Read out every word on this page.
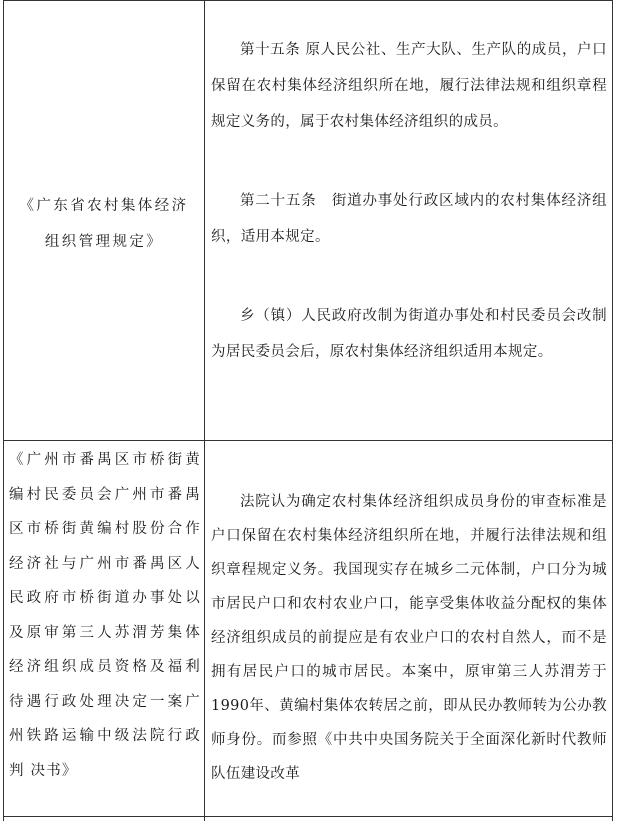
《广东省农村集体经济
组织管理规定》

第十五条 原人民公社、生产大队、生产队的成员，户口保留在农村集体经济组织所在地，履行法律法规和组织章程规定义务的，属于农村集体经济组织的成员。

第二十五条　街道办事处行政区域内的农村集体经济组织，适用本规定。

乡（镇）人民政府改制为街道办事处和村民委员会改制为居民委员会后，原农村集体经济组织适用本规定。

《广州市番禺区市桥街黄
编村民委员会广州市番禺
区市桥街黄编村股份合作
经济社与广州市番禺区人
民政府市桥街道办事处以
及原审第三人苏渭芳集体
经济组织成员资格及福利
待遇行政处理决定一案广
州铁路运输中级法院行政
判 决书》

法院认为确定农村集体经济组织成员身份的审查标准是户口保留在农村集体经济组织所在地，并履行法律法规和组织章程规定义务。我国现实存在城乡二元体制，户口分为城市居民户口和农村农业户口，能享受集体收益分配权的集体经济组织成员的前提应是有农业户口的农村自然人，而不是拥有居民户口的城市居民。本案中，原审第三人苏渭芳于1990年、黄编村集体农转居之前，即从民办教师转为公办教师身份。而参照《中共中央国务院关于全面深化新时代教师队伍建设改革
